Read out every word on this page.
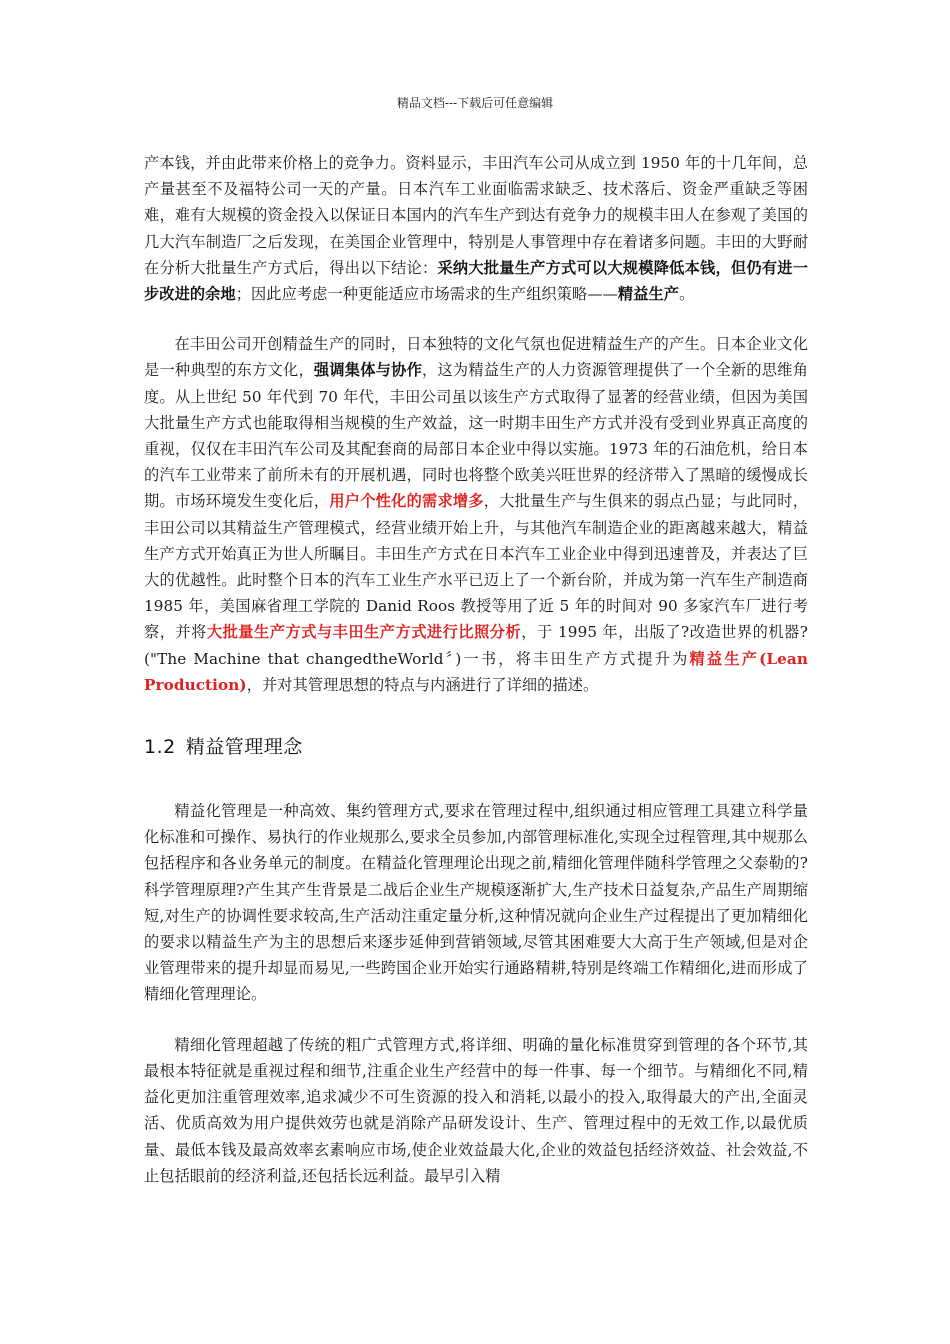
精品文档---下载后可任意编辑

产本钱，并由此带来价格上的竞争力。资料显示，丰田汽车公司从成立到 1950 年的十几年间，总产量甚至不及福特公司一天的产量。日本汽车工业面临需求缺乏、技术落后、资金严重缺乏等困难，难有大规模的资金投入以保证日本国内的汽车生产到达有竞争力的规模丰田人在参观了美国的几大汽车制造厂之后发现，在美国企业管理中，特别是人事管理中存在着诸多问题。丰田的大野耐在分析大批量生产方式后，得出以下结论：采纳大批量生产方式可以大规模降低本钱，但仍有进一步改进的余地；因此应考虑一种更能适应市场需求的生产组织策略——精益生产。

在丰田公司开创精益生产的同时，日本独特的文化气氛也促进精益生产的产生。日本企业文化是一种典型的东方文化，强调集体与协作，这为精益生产的人力资源管理提供了一个全新的思维角度。从上世纪 50 年代到 70 年代，丰田公司虽以该生产方式取得了显著的经营业绩，但因为美国大批量生产方式也能取得相当规模的生产效益，这一时期丰田生产方式并没有受到业界真正高度的重视，仅仅在丰田汽车公司及其配套商的局部日本企业中得以实施。1973 年的石油危机，给日本的汽车工业带来了前所未有的开展机遇，同时也将整个欧美兴旺世界的经济带入了黑暗的缓慢成长期。市场环境发生变化后，用户个性化的需求增多，大批量生产与生俱来的弱点凸显；与此同时，丰田公司以其精益生产管理模式，经营业绩开始上升，与其他汽车制造企业的距离越来越大，精益生产方式开始真正为世人所瞩目。丰田生产方式在日本汽车工业企业中得到迅速普及，并表达了巨大的优越性。此时整个日本的汽车工业生产水平已迈上了一个新台阶，并成为第一汽车生产制造商 1985 年，美国麻省理工学院的 Danid Roos 教授等用了近 5 年的时间对 90 多家汽车厂进行考察，并将大批量生产方式与丰田生产方式进行比照分析，于 1995 年，出版了?改造世界的机器?("The Machine that changedtheWorld〞)一书，将丰田生产方式提升为精益生产(Lean Production)，并对其管理思想的特点与内涵进行了详细的描述。

1.2 精益管理理念

精益化管理是一种高效、集约管理方式,要求在管理过程中,组织通过相应管理工具建立科学量化标准和可操作、易执行的作业规那么,要求全员参加,内部管理标准化,实现全过程管理,其中规那么包括程序和各业务单元的制度。在精益化管理理论出现之前,精细化管理伴随科学管理之父泰勒的?科学管理原理?产生其产生背景是二战后企业生产规模逐渐扩大,生产技术日益复杂,产品生产周期缩短,对生产的协调性要求较高,生产活动注重定量分析,这种情况就向企业生产过程提出了更加精细化的要求以精益生产为主的思想后来逐步延伸到营销领域,尽管其困难要大大高于生产领域,但是对企业管理带来的提升却显而易见,一些跨国企业开始实行通路精耕,特别是终端工作精细化,进而形成了精细化管理理论。

精细化管理超越了传统的粗广式管理方式,将详细、明确的量化标准贯穿到管理的各个环节,其最根本特征就是重视过程和细节,注重企业生产经营中的每一件事、每一个细节。与精细化不同,精益化更加注重管理效率,追求减少不可生资源的投入和消耗,以最小的投入,取得最大的产出,全面灵活、优质高效为用户提供效劳也就是消除产品研发设计、生产、管理过程中的无效工作,以最优质量、最低本钱及最高效率玄素响应市场,使企业效益最大化,企业的效益包括经济效益、社会效益,不止包括眼前的经济利益,还包括长远利益。最早引入精
